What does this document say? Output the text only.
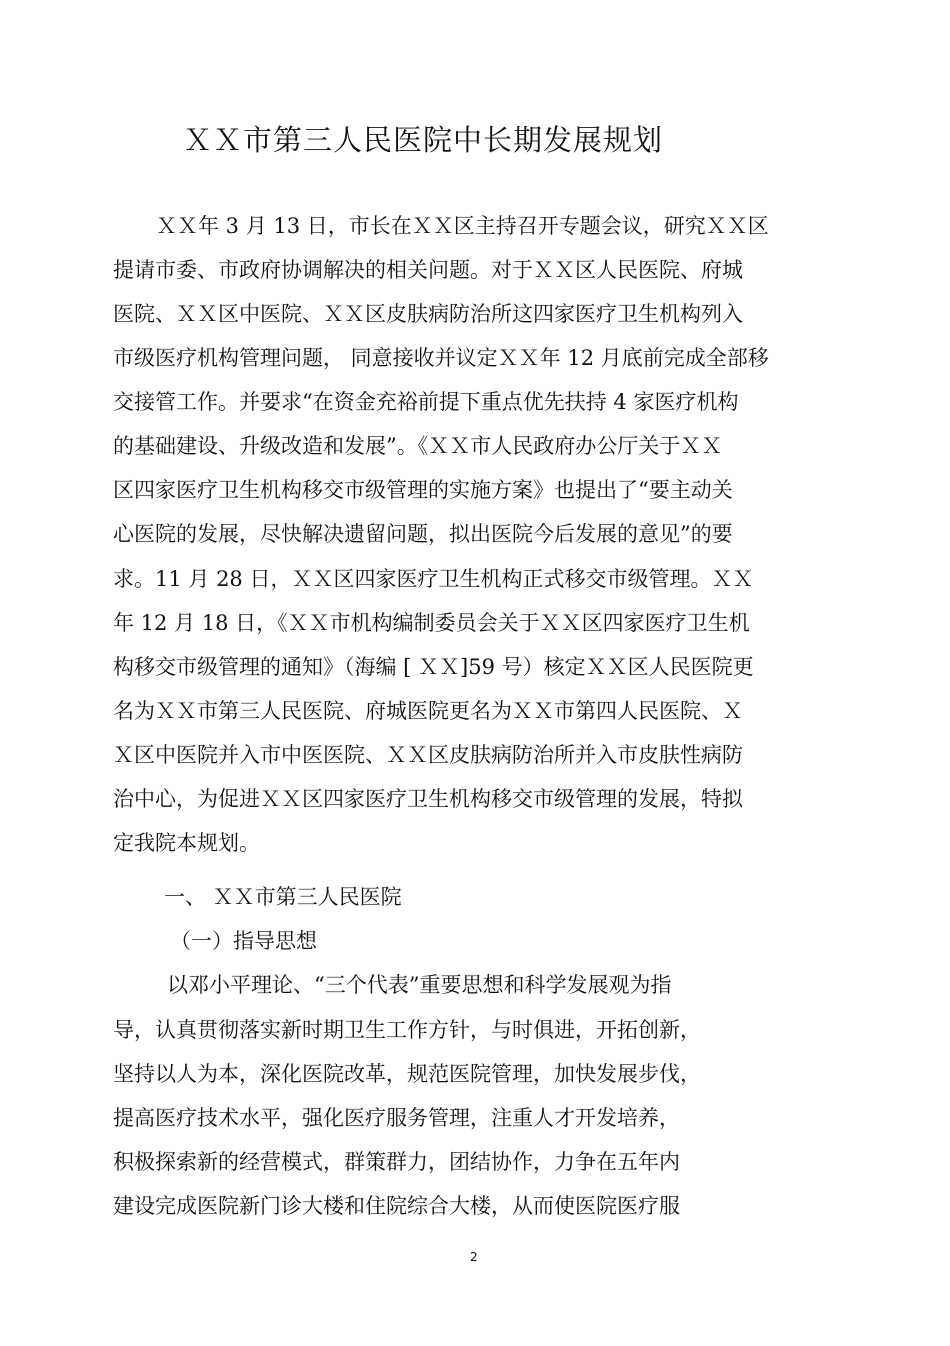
ＸＸ市第三人民医院中长期发展规划
ＸＸ年 3 月 13 日，市长在ＸＸ区主持召开专题会议，研究ＸＸ区
提请市委、市政府协调解决的相关问题。对于ＸＸ区人民医院、府城
医院、ＸＸ区中医院、ＸＸ区皮肤病防治所这四家医疗卫生机构列入
市级医疗机构管理问题， 同意接收并议定ＸＸ年 12 月底前完成全部移
交接管工作。并要求“在资金充裕前提下重点优先扶持 4 家医疗机构
的基础建设、升级改造和发展”。《ＸＸ市人民政府办公厅关于ＸＸ
区四家医疗卫生机构移交市级管理的实施方案》也提出了“要主动关
心医院的发展，尽快解决遗留问题，拟出医院今后发展的意见”的要
求。11 月 28 日，ＸＸ区四家医疗卫生机构正式移交市级管理。ＸＸ
年 12 月 18 日，《ＸＸ市机构编制委员会关于ＸＸ区四家医疗卫生机
构移交市级管理的通知》（海编 [ ＸＸ]59 号）核定ＸＸ区人民医院更
名为ＸＸ市第三人民医院、府城医院更名为ＸＸ市第四人民医院、Ｘ
Ｘ区中医院并入市中医医院、ＸＸ区皮肤病防治所并入市皮肤性病防
治中心，为促进ＸＸ区四家医疗卫生机构移交市级管理的发展，特拟
定我院本规划。
一、 ＸＸ市第三人民医院
（一）指导思想
以邓小平理论、“三个代表”重要思想和科学发展观为指
导，认真贯彻落实新时期卫生工作方针，与时俱进，开拓创新，
坚持以人为本，深化医院改革，规范医院管理，加快发展步伐，
提高医疗技术水平，强化医疗服务管理，注重人才开发培养，
积极探索新的经营模式，群策群力，团结协作，力争在五年内
建设完成医院新门诊大楼和住院综合大楼，从而使医院医疗服
2
